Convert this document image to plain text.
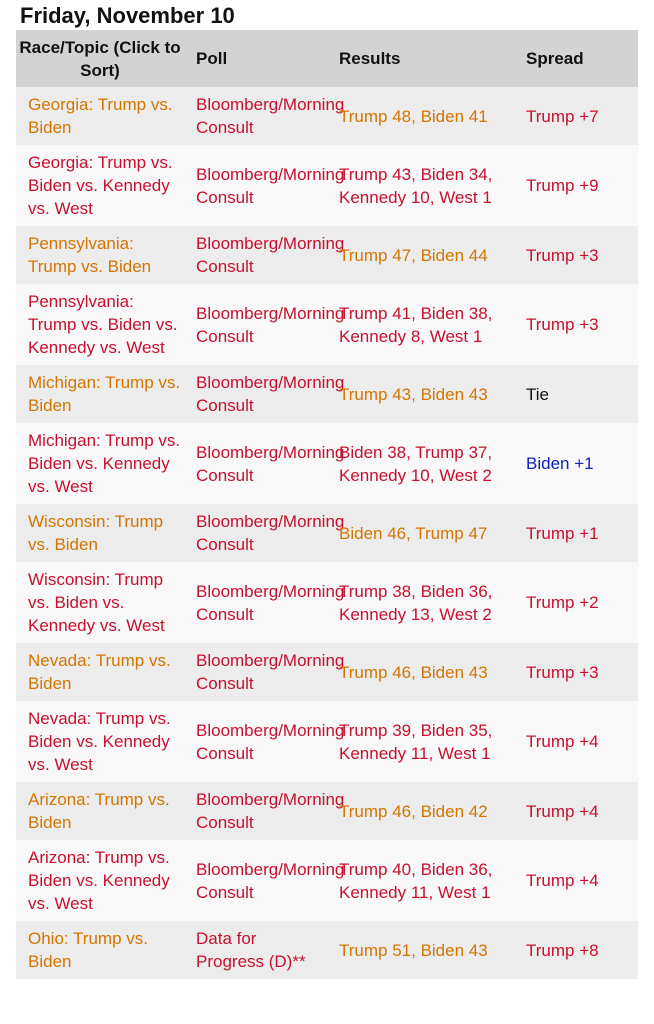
Friday, November 10
Race/Topic (Click to Sort)	Poll	Results	Spread
Georgia: Trump vs. Biden	Bloomberg/Morning Consult	Trump 48, Biden 41	Trump +7
Georgia: Trump vs. Biden vs. Kennedy vs. West	Bloomberg/Morning Consult	Trump 43, Biden 34, Kennedy 10, West 1	Trump +9
Pennsylvania: Trump vs. Biden	Bloomberg/Morning Consult	Trump 47, Biden 44	Trump +3
Pennsylvania: Trump vs. Biden vs. Kennedy vs. West	Bloomberg/Morning Consult	Trump 41, Biden 38, Kennedy 8, West 1	Trump +3
Michigan: Trump vs. Biden	Bloomberg/Morning Consult	Trump 43, Biden 43	Tie
Michigan: Trump vs. Biden vs. Kennedy vs. West	Bloomberg/Morning Consult	Biden 38, Trump 37, Kennedy 10, West 2	Biden +1
Wisconsin: Trump vs. Biden	Bloomberg/Morning Consult	Biden 46, Trump 47	Trump +1
Wisconsin: Trump vs. Biden vs. Kennedy vs. West	Bloomberg/Morning Consult	Trump 38, Biden 36, Kennedy 13, West 2	Trump +2
Nevada: Trump vs. Biden	Bloomberg/Morning Consult	Trump 46, Biden 43	Trump +3
Nevada: Trump vs. Biden vs. Kennedy vs. West	Bloomberg/Morning Consult	Trump 39, Biden 35, Kennedy 11, West 1	Trump +4
Arizona: Trump vs. Biden	Bloomberg/Morning Consult	Trump 46, Biden 42	Trump +4
Arizona: Trump vs. Biden vs. Kennedy vs. West	Bloomberg/Morning Consult	Trump 40, Biden 36, Kennedy 11, West 1	Trump +4
Ohio: Trump vs. Biden	Data for Progress (D)**	Trump 51, Biden 43	Trump +8
